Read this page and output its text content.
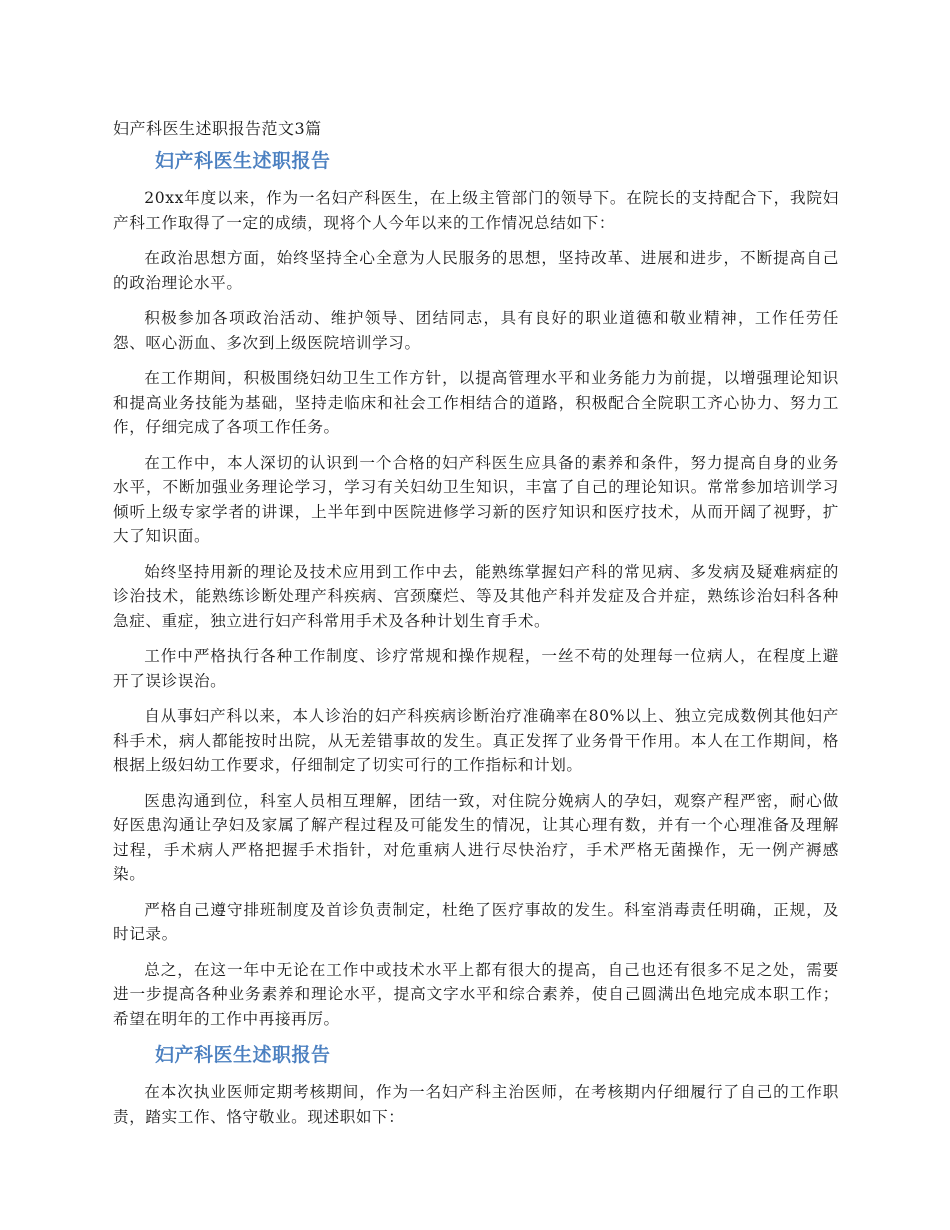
妇产科医生述职报告范文3篇
妇产科医生述职报告

20xx年度以来，作为一名妇产科医生，在上级主管部门的领导下。在院长的支持配合下，我院妇产科工作取得了一定的成绩，现将个人今年以来的工作情况总结如下：

在政治思想方面，始终坚持全心全意为人民服务的思想，坚持改革、进展和进步，不断提高自己的政治理论水平。

积极参加各项政治活动、维护领导、团结同志，具有良好的职业道德和敬业精神，工作任劳任怨、呕心沥血、多次到上级医院培训学习。

在工作期间，积极围绕妇幼卫生工作方针，以提高管理水平和业务能力为前提，以增强理论知识和提高业务技能为基础，坚持走临床和社会工作相结合的道路，积极配合全院职工齐心协力、努力工作，仔细完成了各项工作任务。

在工作中，本人深切的认识到一个合格的妇产科医生应具备的素养和条件，努力提高自身的业务水平，不断加强业务理论学习，学习有关妇幼卫生知识，丰富了自己的理论知识。常常参加培训学习倾听上级专家学者的讲课，上半年到中医院进修学习新的医疗知识和医疗技术，从而开阔了视野，扩大了知识面。

始终坚持用新的理论及技术应用到工作中去，能熟练掌握妇产科的常见病、多发病及疑难病症的诊治技术，能熟练诊断处理产科疾病、宫颈糜烂、等及其他产科并发症及合并症，熟练诊治妇科各种急症、重症，独立进行妇产科常用手术及各种计划生育手术。

工作中严格执行各种工作制度、诊疗常规和操作规程，一丝不苟的处理每一位病人，在程度上避开了误诊误治。

自从事妇产科以来，本人诊治的妇产科疾病诊断治疗准确率在80%以上、独立完成数例其他妇产科手术，病人都能按时出院，从无差错事故的发生。真正发挥了业务骨干作用。本人在工作期间，格根据上级妇幼工作要求，仔细制定了切实可行的工作指标和计划。

医患沟通到位，科室人员相互理解，团结一致，对住院分娩病人的孕妇，观察产程严密，耐心做好医患沟通让孕妇及家属了解产程过程及可能发生的情况，让其心理有数，并有一个心理准备及理解过程，手术病人严格把握手术指针，对危重病人进行尽快治疗，手术严格无菌操作，无一例产褥感染。

严格自己遵守排班制度及首诊负责制定，杜绝了医疗事故的发生。科室消毒责任明确，正规，及时记录。

总之，在这一年中无论在工作中或技术水平上都有很大的提高，自己也还有很多不足之处，需要进一步提高各种业务素养和理论水平，提高文字水平和综合素养，使自己圆满出色地完成本职工作；希望在明年的工作中再接再厉。

妇产科医生述职报告

在本次执业医师定期考核期间，作为一名妇产科主治医师，在考核期内仔细履行了自己的工作职责，踏实工作、恪守敬业。现述职如下：
